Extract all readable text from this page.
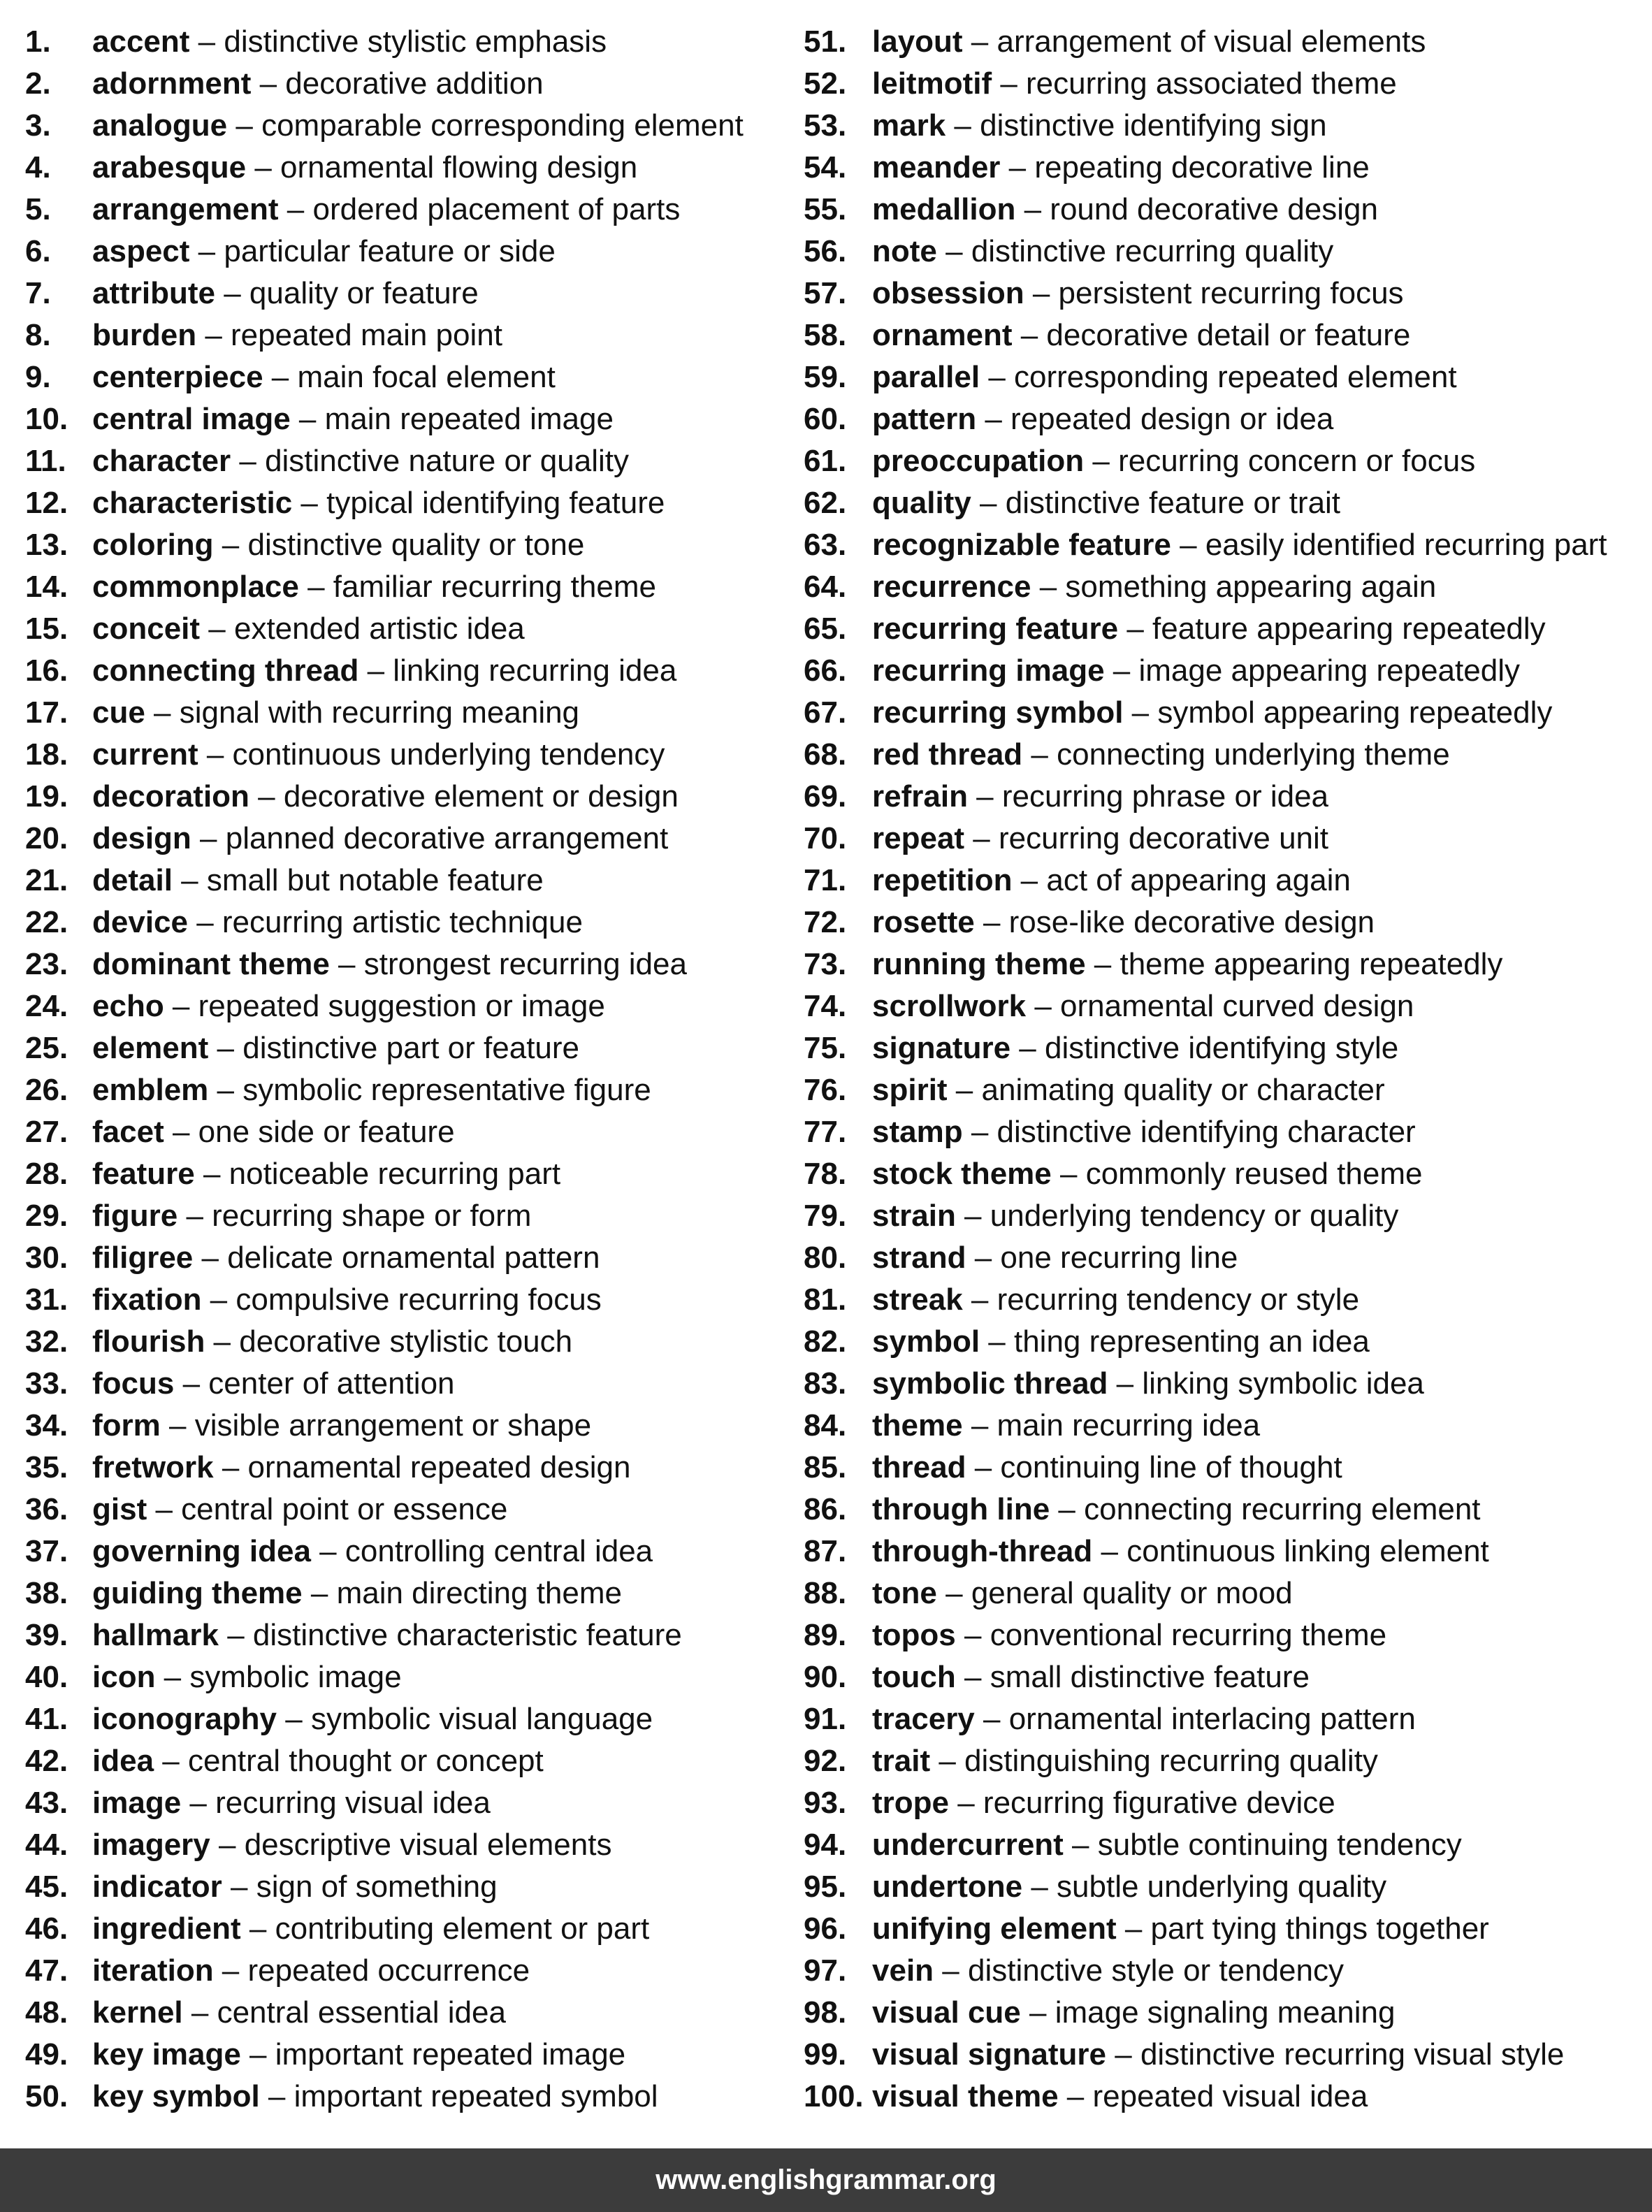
1.	accent – distinctive stylistic emphasis
2.	adornment – decorative addition
3.	analogue – comparable corresponding element
4.	arabesque – ornamental flowing design
5.	arrangement – ordered placement of parts
6.	aspect – particular feature or side
7.	attribute – quality or feature
8.	burden – repeated main point
9.	centerpiece – main focal element
10. central image – main repeated image
11. character – distinctive nature or quality
12. characteristic – typical identifying feature
13. coloring – distinctive quality or tone
14. commonplace – familiar recurring theme
15. conceit – extended artistic idea
16. connecting thread – linking recurring idea
17. cue – signal with recurring meaning
18. current – continuous underlying tendency
19. decoration – decorative element or design
20. design – planned decorative arrangement
21. detail – small but notable feature
22. device – recurring artistic technique
23. dominant theme – strongest recurring idea
24. echo – repeated suggestion or image
25. element – distinctive part or feature
26. emblem – symbolic representative figure
27. facet – one side or feature
28. feature – noticeable recurring part
29. figure – recurring shape or form
30. filigree – delicate ornamental pattern
31. fixation – compulsive recurring focus
32. flourish – decorative stylistic touch
33. focus – center of attention
34. form – visible arrangement or shape
35. fretwork – ornamental repeated design
36. gist – central point or essence
37. governing idea – controlling central idea
38. guiding theme – main directing theme
39. hallmark – distinctive characteristic feature
40. icon – symbolic image
41. iconography – symbolic visual language
42. idea – central thought or concept
43. image – recurring visual idea
44. imagery – descriptive visual elements
45. indicator – sign of something
46. ingredient – contributing element or part
47. iteration – repeated occurrence
48. kernel – central essential idea
49. key image – important repeated image
50. key symbol – important repeated symbol
51. layout – arrangement of visual elements
52. leitmotif – recurring associated theme
53. mark – distinctive identifying sign
54. meander – repeating decorative line
55. medallion – round decorative design
56. note – distinctive recurring quality
57. obsession – persistent recurring focus
58. ornament – decorative detail or feature
59. parallel – corresponding repeated element
60. pattern – repeated design or idea
61. preoccupation – recurring concern or focus
62. quality – distinctive feature or trait
63. recognizable feature – easily identified recurring part
64. recurrence – something appearing again
65. recurring feature – feature appearing repeatedly
66. recurring image – image appearing repeatedly
67. recurring symbol – symbol appearing repeatedly
68. red thread – connecting underlying theme
69. refrain – recurring phrase or idea
70. repeat – recurring decorative unit
71. repetition – act of appearing again
72. rosette – rose-like decorative design
73. running theme – theme appearing repeatedly
74. scrollwork – ornamental curved design
75. signature – distinctive identifying style
76. spirit – animating quality or character
77. stamp – distinctive identifying character
78. stock theme – commonly reused theme
79. strain – underlying tendency or quality
80. strand – one recurring line
81. streak – recurring tendency or style
82. symbol – thing representing an idea
83. symbolic thread – linking symbolic idea
84. theme – main recurring idea
85. thread – continuing line of thought
86. through line – connecting recurring element
87. through-thread – continuous linking element
88. tone – general quality or mood
89. topos – conventional recurring theme
90. touch – small distinctive feature
91. tracery – ornamental interlacing pattern
92. trait – distinguishing recurring quality
93. trope – recurring figurative device
94. undercurrent – subtle continuing tendency
95. undertone – subtle underlying quality
96. unifying element – part tying things together
97. vein – distinctive style or tendency
98. visual cue – image signaling meaning
99. visual signature – distinctive recurring visual style
100. visual theme – repeated visual idea
www.englishgrammar.org
